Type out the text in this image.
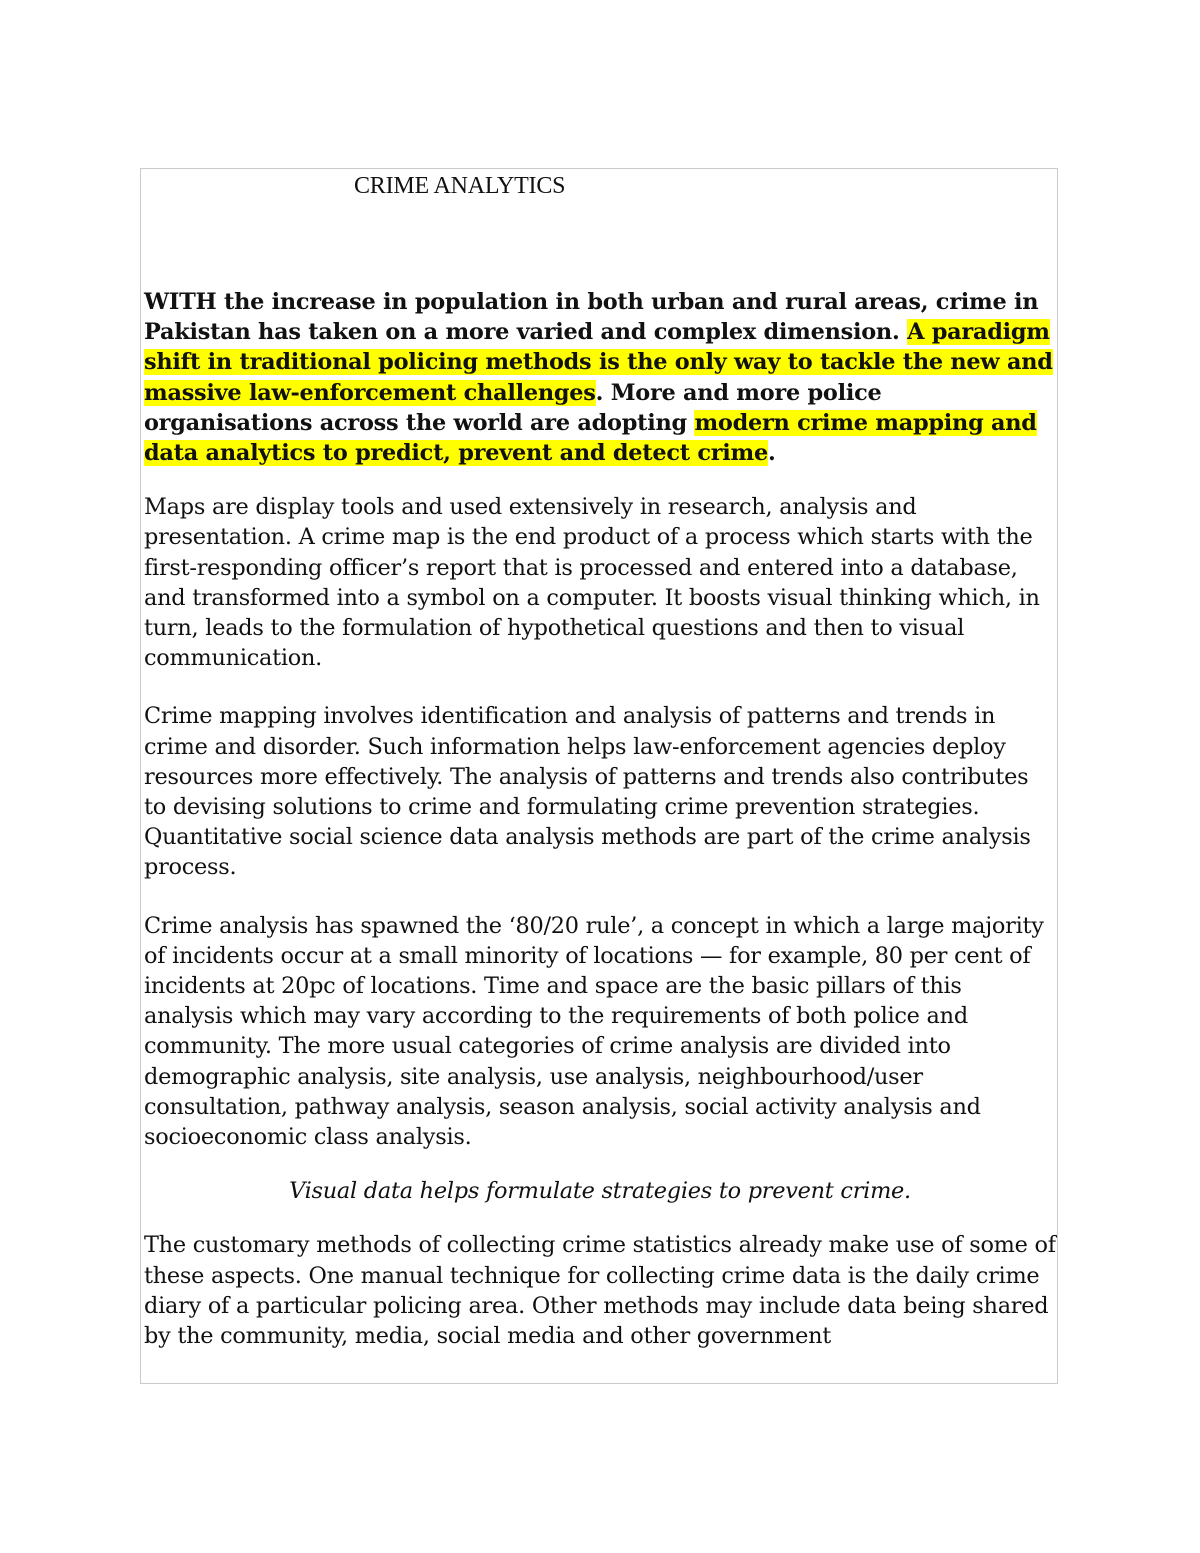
CRIME ANALYTICS

WITH the increase in population in both urban and rural areas, crime in Pakistan has taken on a more varied and complex dimension. A paradigm shift in traditional policing methods is the only way to tackle the new and massive law-enforcement challenges. More and more police organisations across the world are adopting modern crime mapping and data analytics to predict, prevent and detect crime.

Maps are display tools and used extensively in research, analysis and presentation. A crime map is the end product of a process which starts with the first-responding officer’s report that is processed and entered into a database, and transformed into a symbol on a computer. It boosts visual thinking which, in turn, leads to the formulation of hypothetical questions and then to visual communication.

Crime mapping involves identification and analysis of patterns and trends in crime and disorder. Such information helps law-enforcement agencies deploy resources more effectively. The analysis of patterns and trends also contributes to devising solutions to crime and formulating crime prevention strategies. Quantitative social science data analysis methods are part of the crime analysis process.

Crime analysis has spawned the ‘80/20 rule’, a concept in which a large majority of incidents occur at a small minority of locations — for example, 80 per cent of incidents at 20pc of locations. Time and space are the basic pillars of this analysis which may vary according to the requirements of both police and community. The more usual categories of crime analysis are divided into demographic analysis, site analysis, use analysis, neighbourhood/user consultation, pathway analysis, season analysis, social activity analysis and socioeconomic class analysis.

Visual data helps formulate strategies to prevent crime.

The customary methods of collecting crime statistics already make use of some of these aspects. One manual technique for collecting crime data is the daily crime diary of a particular policing area. Other methods may include data being shared by the community, media, social media and other government
